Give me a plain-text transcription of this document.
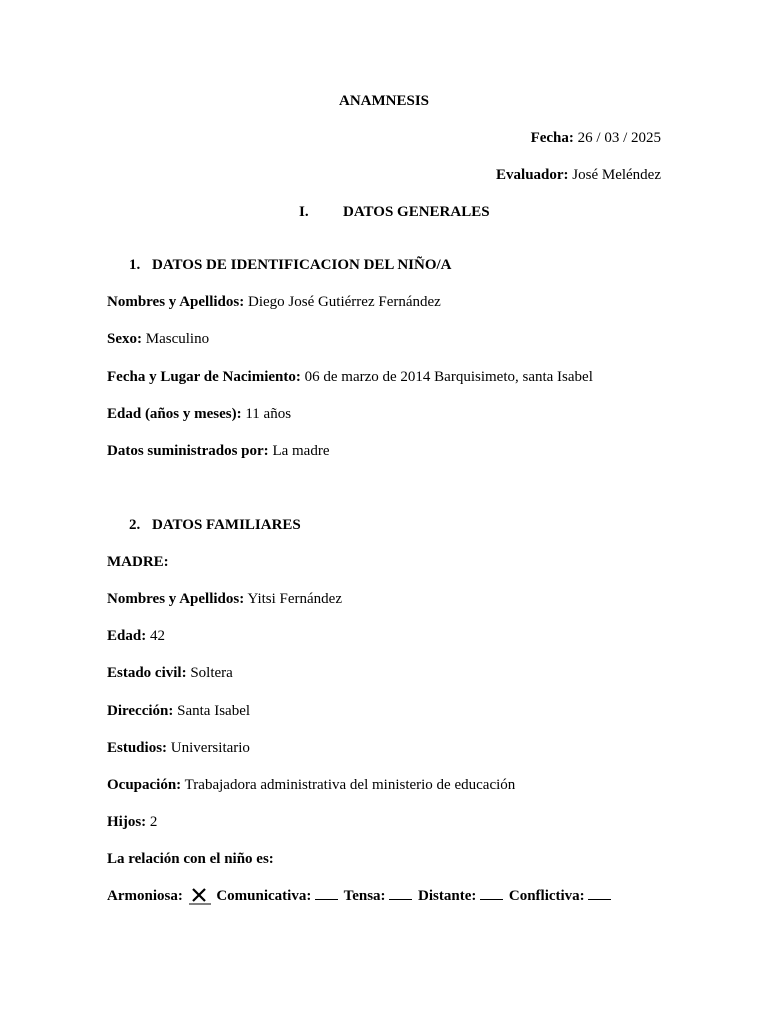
ANAMNESIS
Fecha: 26 / 03 / 2025
Evaluador: José Meléndez
I. DATOS GENERALES
1. DATOS DE IDENTIFICACION DEL NIÑO/A
Nombres y Apellidos: Diego José Gutiérrez Fernández
Sexo: Masculino
Fecha y Lugar de Nacimiento: 06 de marzo de 2014 Barquisimeto, santa Isabel
Edad (años y meses): 11 años
Datos suministrados por: La madre
2. DATOS FAMILIARES
MADRE:
Nombres y Apellidos: Yitsi Fernández
Edad: 42
Estado civil: Soltera
Dirección: Santa Isabel
Estudios: Universitario
Ocupación: Trabajadora administrativa del ministerio de educación
Hijos: 2
La relación con el niño es:
Armoniosa: Comunicativa: Tensa: Distante: Conflictiva:
